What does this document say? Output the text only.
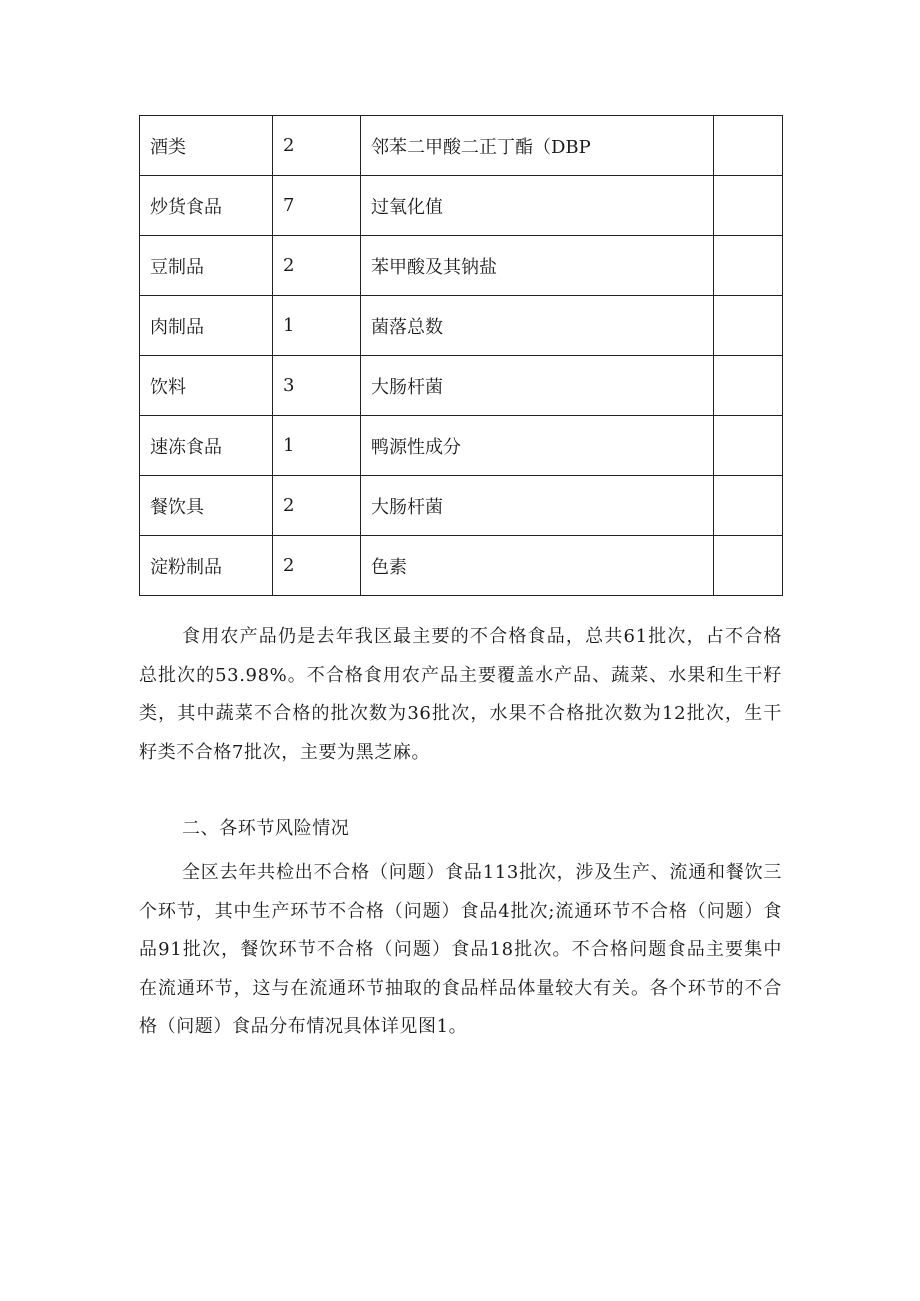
酒类	2	邻苯二甲酸二正丁酯（DBP	
炒货食品	7	过氧化值	
豆制品	2	苯甲酸及其钠盐	
肉制品	1	菌落总数	
饮料	3	大肠杆菌	
速冻食品	1	鸭源性成分	
餐饮具	2	大肠杆菌	
淀粉制品	2	色素	

食用农产品仍是去年我区最主要的不合格食品，总共61批次，占不合格总批次的53.98%。不合格食用农产品主要覆盖水产品、蔬菜、水果和生干籽类，其中蔬菜不合格的批次数为36批次，水果不合格批次数为12批次，生干籽类不合格7批次，主要为黑芝麻。

二、各环节风险情况

全区去年共检出不合格（问题）食品113批次，涉及生产、流通和餐饮三个环节，其中生产环节不合格（问题）食品4批次;流通环节不合格（问题）食品91批次，餐饮环节不合格（问题）食品18批次。不合格问题食品主要集中在流通环节，这与在流通环节抽取的食品样品体量较大有关。各个环节的不合格（问题）食品分布情况具体详见图1。
